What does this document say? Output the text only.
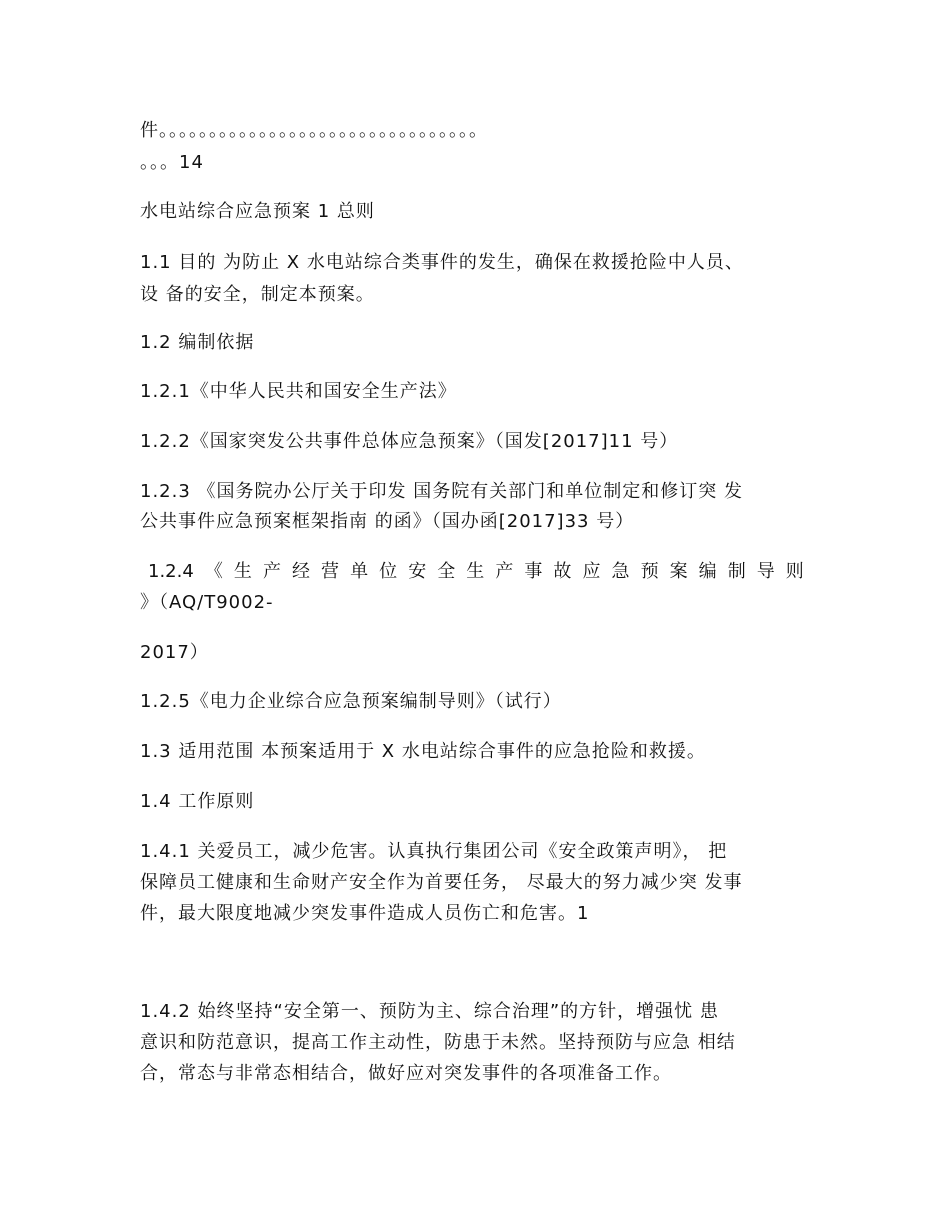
件。。。。。。。。。。。。。。。。。。。。。。。。。。。。。。。。
。。。14
水电站综合应急预案 1 总则
1.1 目的 为防止 X 水电站综合类事件的发生，确保在救援抢险中人员、
设 备的安全，制定本预案。
1.2 编制依据
1.2.1《中华人民共和国安全生产法》
1.2.2《国家突发公共事件总体应急预案》（国发[2017]11 号）
1.2.3 《国务院办公厅关于印发 国务院有关部门和单位制定和修订突 发
公共事件应急预案框架指南 的函》（国办函[2017]33 号）
1.2.4 《 生 产 经 营 单 位 安 全 生 产 事 故 应 急 预 案 编 制 导 则
》（AQ/T9002-
2017）
1.2.5《电力企业综合应急预案编制导则》（试行）
1.3 适用范围 本预案适用于 X 水电站综合事件的应急抢险和救援。
1.4 工作原则
1.4.1 关爱员工，减少危害。认真执行集团公司《安全政策声明》， 把
保障员工健康和生命财产安全作为首要任务， 尽最大的努力减少突 发事
件，最大限度地减少突发事件造成人员伤亡和危害。1
1.4.2 始终坚持“安全第一、预防为主、综合治理”的方针，增强忧 患
意识和防范意识，提高工作主动性，防患于未然。坚持预防与应急 相结
合，常态与非常态相结合，做好应对突发事件的各项准备工作。
